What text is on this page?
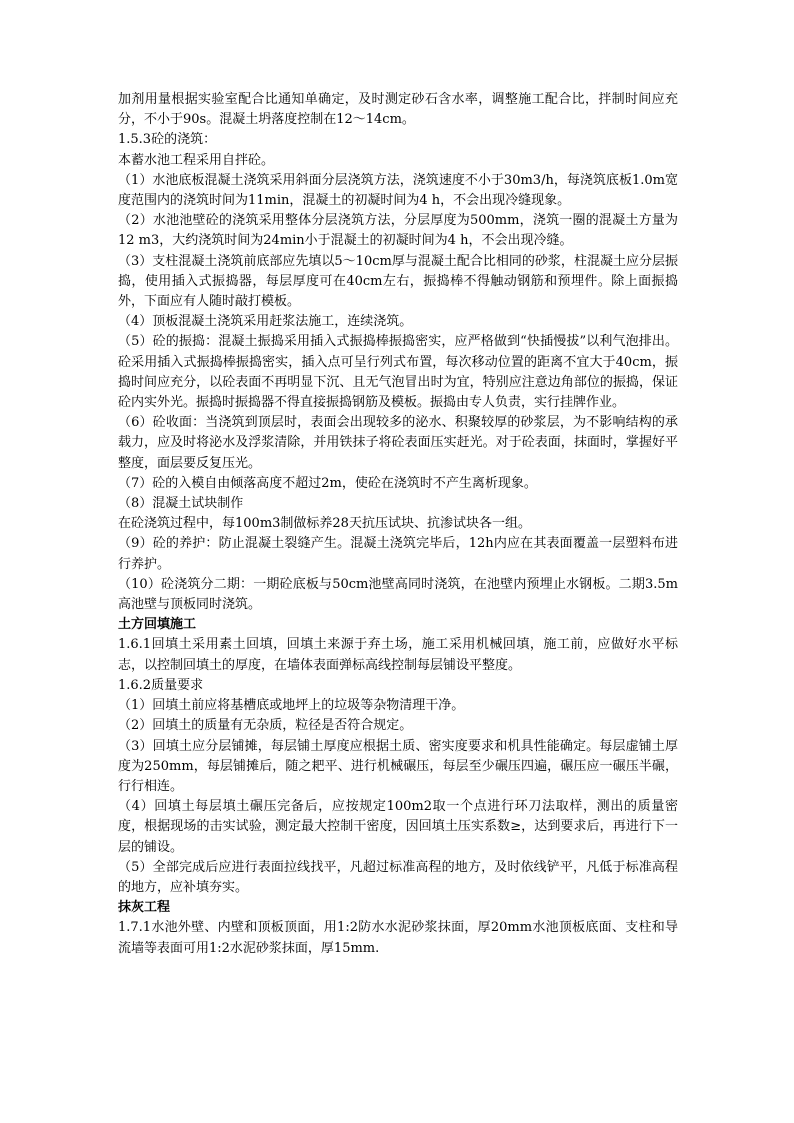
加剂用量根据实验室配合比通知单确定，及时测定砂石含水率，调整施工配合比，拌制时间应充分，不小于90s。混凝土坍落度控制在12～14cm。

1.5.3砼的浇筑：

本蓄水池工程采用自拌砼。

（1）水池底板混凝土浇筑采用斜面分层浇筑方法，浇筑速度不小于30m3/h，每浇筑底板1.0m宽度范围内的浇筑时间为11min，混凝土的初凝时间为4 h，不会出现冷缝现象。

（2）水池池壁砼的浇筑采用整体分层浇筑方法，分层厚度为500mm，浇筑一圈的混凝土方量为12 m3，大约浇筑时间为24min小于混凝土的初凝时间为4 h，不会出现冷缝。

（3）支柱混凝土浇筑前底部应先填以5～10cm厚与混凝土配合比相同的砂浆，柱混凝土应分层振捣，使用插入式振捣器，每层厚度可在40cm左右，振捣棒不得触动钢筋和预埋件。除上面振捣外，下面应有人随时敲打模板。

（4）顶板混凝土浇筑采用赶浆法施工，连续浇筑。

（5）砼的振捣：混凝土振捣采用插入式振捣棒振捣密实，应严格做到“快插慢拔”以利气泡排出。砼采用插入式振捣棒振捣密实，插入点可呈行列式布置，每次移动位置的距离不宜大于40cm，振捣时间应充分，以砼表面不再明显下沉、且无气泡冒出时为宜，特别应注意边角部位的振捣，保证砼内实外光。振捣时振捣器不得直接振捣钢筋及模板。振捣由专人负责，实行挂牌作业。

（6）砼收面：当浇筑到顶层时，表面会出现较多的泌水、积聚较厚的砂浆层，为不影响结构的承载力，应及时将泌水及浮浆清除，并用铁抹子将砼表面压实赶光。对于砼表面，抹面时，掌握好平整度，面层要反复压光。

（7）砼的入模自由倾落高度不超过2m，使砼在浇筑时不产生离析现象。

（8）混凝土试块制作

在砼浇筑过程中，每100m3制做标养28天抗压试块、抗渗试块各一组。

（9）砼的养护：防止混凝土裂缝产生。混凝土浇筑完毕后，12h内应在其表面覆盖一层塑料布进行养护。

（10）砼浇筑分二期：一期砼底板与50cm池壁高同时浇筑，在池壁内预埋止水钢板。二期3.5m高池壁与顶板同时浇筑。

土方回填施工

1.6.1回填土采用素土回填，回填土来源于弃土场，施工采用机械回填，施工前，应做好水平标志，以控制回填土的厚度，在墙体表面弹标高线控制每层铺设平整度。

1.6.2质量要求

（1）回填土前应将基槽底或地坪上的垃圾等杂物清理干净。

（2）回填土的质量有无杂质，粒径是否符合规定。

（3）回填土应分层铺摊，每层铺土厚度应根据土质、密实度要求和机具性能确定。每层虚铺土厚度为250mm，每层铺摊后，随之耙平、进行机械碾压，每层至少碾压四遍，碾压应一碾压半碾，行行相连。

（4）回填土每层填土碾压完备后，应按规定100m2取一个点进行环刀法取样，测出的质量密度，根据现场的击实试验，测定最大控制干密度，因回填土压实系数≥，达到要求后，再进行下一层的铺设。

（5）全部完成后应进行表面拉线找平，凡超过标准高程的地方，及时依线铲平，凡低于标准高程的地方，应补填夯实。

抹灰工程

1.7.1水池外壁、内壁和顶板顶面，用1:2防水水泥砂浆抹面，厚20mm水池顶板底面、支柱和导流墙等表面可用1:2水泥砂浆抹面，厚15mm.
